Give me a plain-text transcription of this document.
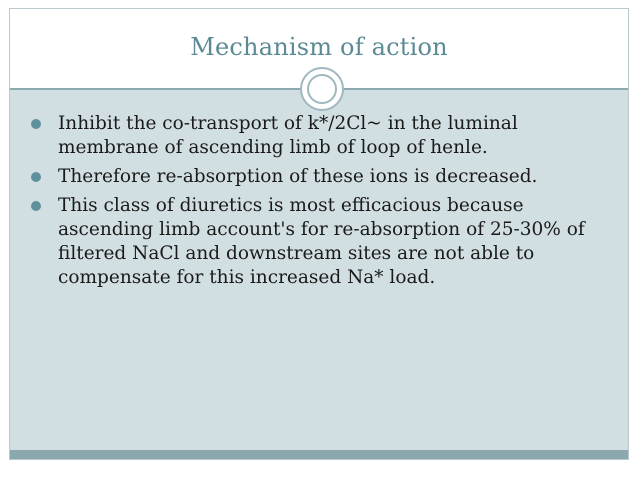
Mechanism of action
Inhibit the co-transport of k*/2Cl~ in the luminal membrane of ascending limb of loop of henle.
Therefore re-absorption of these ions is decreased.
This class of diuretics is most efficacious because ascending limb account's for re-absorption of 25-30% of filtered NaCl and downstream sites are not able to compensate for this increased Na* load.
